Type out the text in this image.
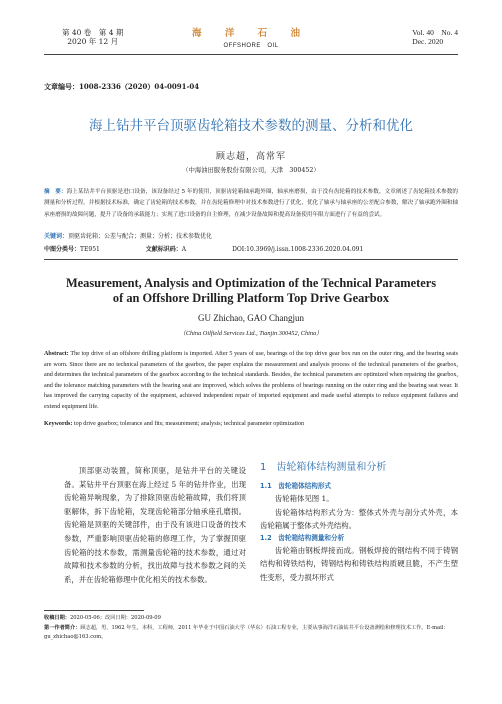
第 40 卷　第 4 期
2020 年 12 月
海 洋 石 油
OFFSHORE　OIL
Vol. 40　No. 4
Dec. 2020
文章编号：1008-2336（2020）04-0091-04
海上钻井平台顶驱齿轮箱技术参数的测量、分析和优化
顾志超，高常军
（中海油田服务股份有限公司，天津　300452）
摘　要：海上某钻井平台顶驱是进口设备，该设备经过 5 年的使用，顶驱齿轮箱轴承跑外圈，轴承座磨损，由于没有齿轮箱的技术参数，文章阐述了齿轮箱技术参数的测量和分析过程，并根据技术标准，确定了齿轮箱的技术参数，并在齿轮箱修理中对技术参数进行了优化，优化了轴承与轴承座的公差配合参数，解决了轴承跑外圈和轴承座磨损的故障问题，提升了设备的承载能力；实现了进口设备的自主修理，在减少设备故障和提高设备使用年限方面进行了有益的尝试。
关键词：顶驱齿轮箱；公差与配合；测量；分析；技术参数优化
中图分类号：TE951	文献标识码：A	DOI:10.3969/j.issn.1008-2336.2020.04.091
Measurement, Analysis and Optimization of the Technical Parameters of an Offshore Drilling Platform Top Drive Gearbox
GU Zhichao, GAO Changjun
（China Oilfield Services Ltd., Tianjin 300452, China）
Abstract: The top drive of an offshore drilling platform is imported. After 5 years of use, bearings of the top drive gear box run on the outer ring, and the bearing seats are worn. Since there are no technical parameters of the gearbox, the paper explains the measurement and analysis process of the technical parameters of the gearbox, and determines the technical parameters of the gearbox according to the technical standards. Besides, the technical parameters are optimized when repairing the gearbox, and the tolerance matching parameters with the bearing seat are improved, which solves the problems of bearings running on the outer ring and the bearing seat wear. It has improved the carrying capacity of the equipment, achieved independent repair of imported equipment and made useful attempts to reduce equipment failures and extend equipment life.
Keywords: top drive gearbox; tolerance and fits; measurement; analysis; technical parameter optimization
顶部驱动装置，简称顶驱，是钻井平台的关键设备。某钻井平台顶驱在海上经过 5 年的钻井作业，出现齿轮箱异响现象，为了排除顶驱齿轮箱故障，我们将顶驱解体，拆下齿轮箱，发现齿轮箱部分轴承座孔磨损。齿轮箱是顶驱的关键部件，由于没有该进口设备的技术参数，严重影响顶驱齿轮箱的修理工作，为了掌握顶驱齿轮箱的技术参数，需测量齿轮箱的技术参数，通过对故障和技术参数的分析，找出故障与技术参数之间的关系，并在齿轮箱修理中优化相关的技术参数。
1　齿轮箱体结构测量和分析
1.1　齿轮箱体结构形式
齿轮箱体见图 1。
齿轮箱体结构形式分为：整体式外壳与剖分式外壳，本齿轮箱属于整体式外壳结构。
1.2　齿轮箱结构测量和分析
齿轮箱由钢板焊接而成。钢板焊接的钢结构不同于铸钢结构和铸铁结构，铸钢结构和铸铁结构质硬且脆，不产生塑性变形，受力损坏形式
收稿日期：2020-05-06；改回日期：2020-09-09
第一作者简介：顾志超，男，1962 年生，本科，工程师，2011 年毕业于中国石油大学（华东）石油工程专业，主要从事海洋石油钻井平台设备测绘和修理技术工作。E-mail：gu_zhichao@163.com。
